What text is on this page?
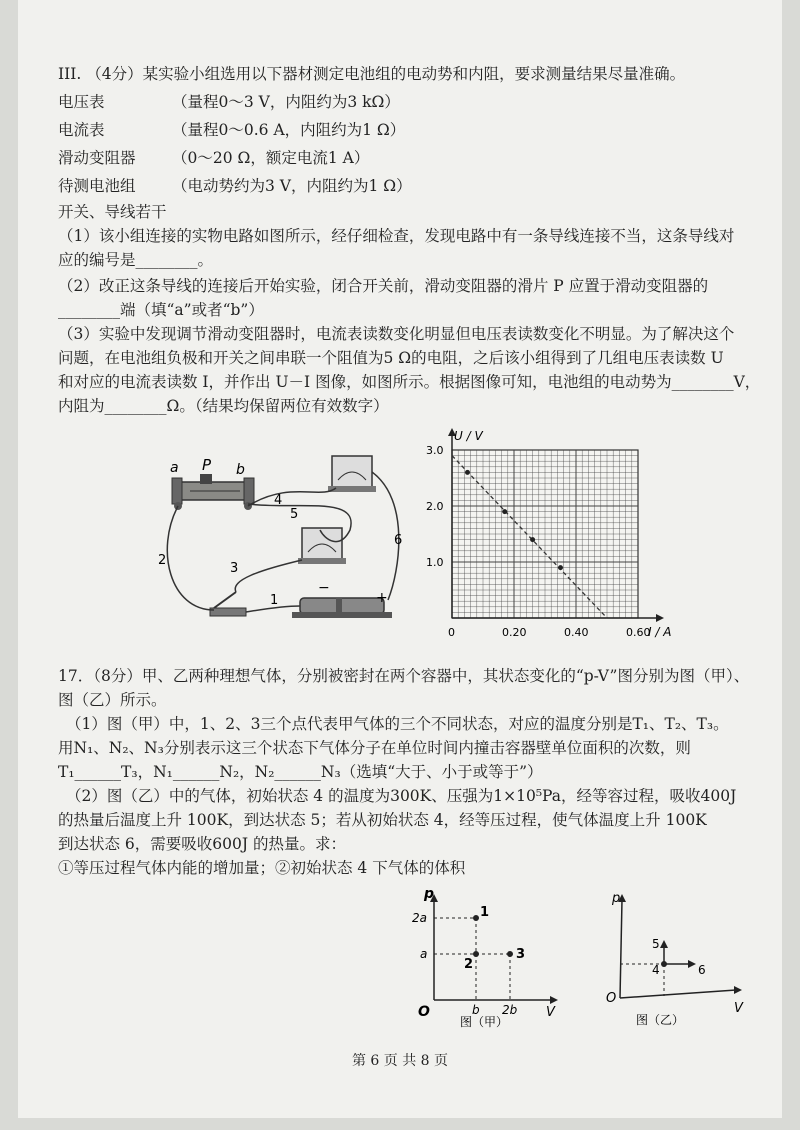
III. （4分）某实验小组选用以下器材测定电池组的电动势和内阻，要求测量结果尽量准确。
电压表	（量程0～3 V，内阻约为3 kΩ）
电流表	（量程0～0.6 A，内阻约为1 Ω）
滑动变阻器 （0～20 Ω，额定电流1 A）
待测电池组 （电动势约为3 V，内阻约为1 Ω）
开关、导线若干
（1）该小组连接的实物电路如图所示，经仔细检查，发现电路中有一条导线连接不当，这条导线对
应的编号是________。
（2）改正这条导线的连接后开始实验，闭合开关前，滑动变阻器的滑片 P 应置于滑动变阻器的
________端（填“a”或者“b”）
（3）实验中发现调节滑动变阻器时，电流表读数变化明显但电压表读数变化不明显。为了解决这个
问题，在电池组负极和开关之间串联一个阻值为5 Ω的电阻，之后该小组得到了几组电压表读数 U
和对应的电流表读数 I，并作出 U－I 图像，如图所示。根据图像可知，电池组的电动势为________V，
内阻为________Ω。（结果均保留两位有效数字）
a P b
−
+
2
4
5
3
1
6
0	0.20	0.40	0.60
1.0
2.0
3.0
I / A
U / V
17．（8分）甲、乙两种理想气体，分别被密封在两个容器中，其状态变化的“p-V”图分别为图（甲）、
图（乙）所示。
（1）图（甲）中，1、2、3三个点代表甲气体的三个不同状态，对应的温度分别是T₁、T₂、T₃。
用N₁、N₂、N₃分别表示这三个状态下气体分子在单位时间内撞击容器壁单位面积的次数，则
T₁______T₃，N₁______N₂，N₂______N₃（选填“大于、小于或等于”）
（2）图（乙）中的气体，初始状态 4 的温度为300K、压强为1×10⁵Pa，经等容过程，吸收400J
的热量后温度上升 100K，到达状态 5；若从初始状态 4，经等压过程，使气体温度上升 100K
到达状态 6，需要吸收600J 的热量。求：
①等压过程气体内能的增加量；②初始状态 4 下气体的体积
p
V
O
2a
a
b 2b
1
2
3
图（甲）
p
V
O
4
5
6
图（乙）
第 6 页 共 8 页
